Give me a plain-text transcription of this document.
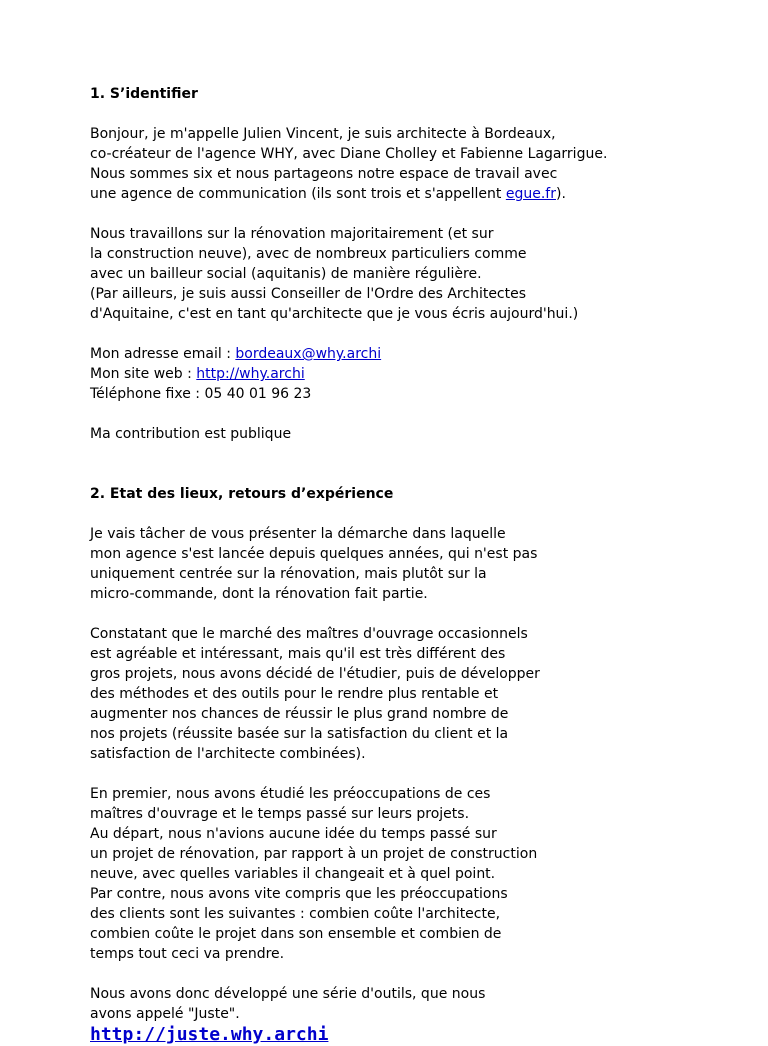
1. S’identifier

Bonjour, je m'appelle Julien Vincent, je suis architecte à Bordeaux,
co-créateur de l'agence WHY, avec Diane Cholley et Fabienne Lagarrigue.
Nous sommes six et nous partageons notre espace de travail avec
une agence de communication (ils sont trois et s'appellent egue.fr).

Nous travaillons sur la rénovation majoritairement (et sur
la construction neuve), avec de nombreux particuliers comme
avec un bailleur social (aquitanis) de manière régulière.
(Par ailleurs, je suis aussi Conseiller de l'Ordre des Architectes
d'Aquitaine, c'est en tant qu'architecte que je vous écris aujourd'hui.)

Mon adresse email : bordeaux@why.archi
Mon site web : http://why.archi
Téléphone fixe : 05 40 01 96 23

Ma contribution est publique

2. Etat des lieux, retours d’expérience

Je vais tâcher de vous présenter la démarche dans laquelle
mon agence s'est lancée depuis quelques années, qui n'est pas
uniquement centrée sur la rénovation, mais plutôt sur la
micro-commande, dont la rénovation fait partie.

Constatant que le marché des maîtres d'ouvrage occasionnels
est agréable et intéressant, mais qu'il est très différent des
gros projets, nous avons décidé de l'étudier, puis de développer
des méthodes et des outils pour le rendre plus rentable et
augmenter nos chances de réussir le plus grand nombre de
nos projets (réussite basée sur la satisfaction du client et la
satisfaction de l'architecte combinées).

En premier, nous avons étudié les préoccupations de ces
maîtres d'ouvrage et le temps passé sur leurs projets.
Au départ, nous n'avions aucune idée du temps passé sur
un projet de rénovation, par rapport à un projet de construction
neuve, avec quelles variables il changeait et à quel point.
Par contre, nous avons vite compris que les préoccupations
des clients sont les suivantes : combien coûte l'architecte,
combien coûte le projet dans son ensemble et combien de
temps tout ceci va prendre.

Nous avons donc développé une série d'outils, que nous
avons appelé "Juste".

http://juste.why.archi
